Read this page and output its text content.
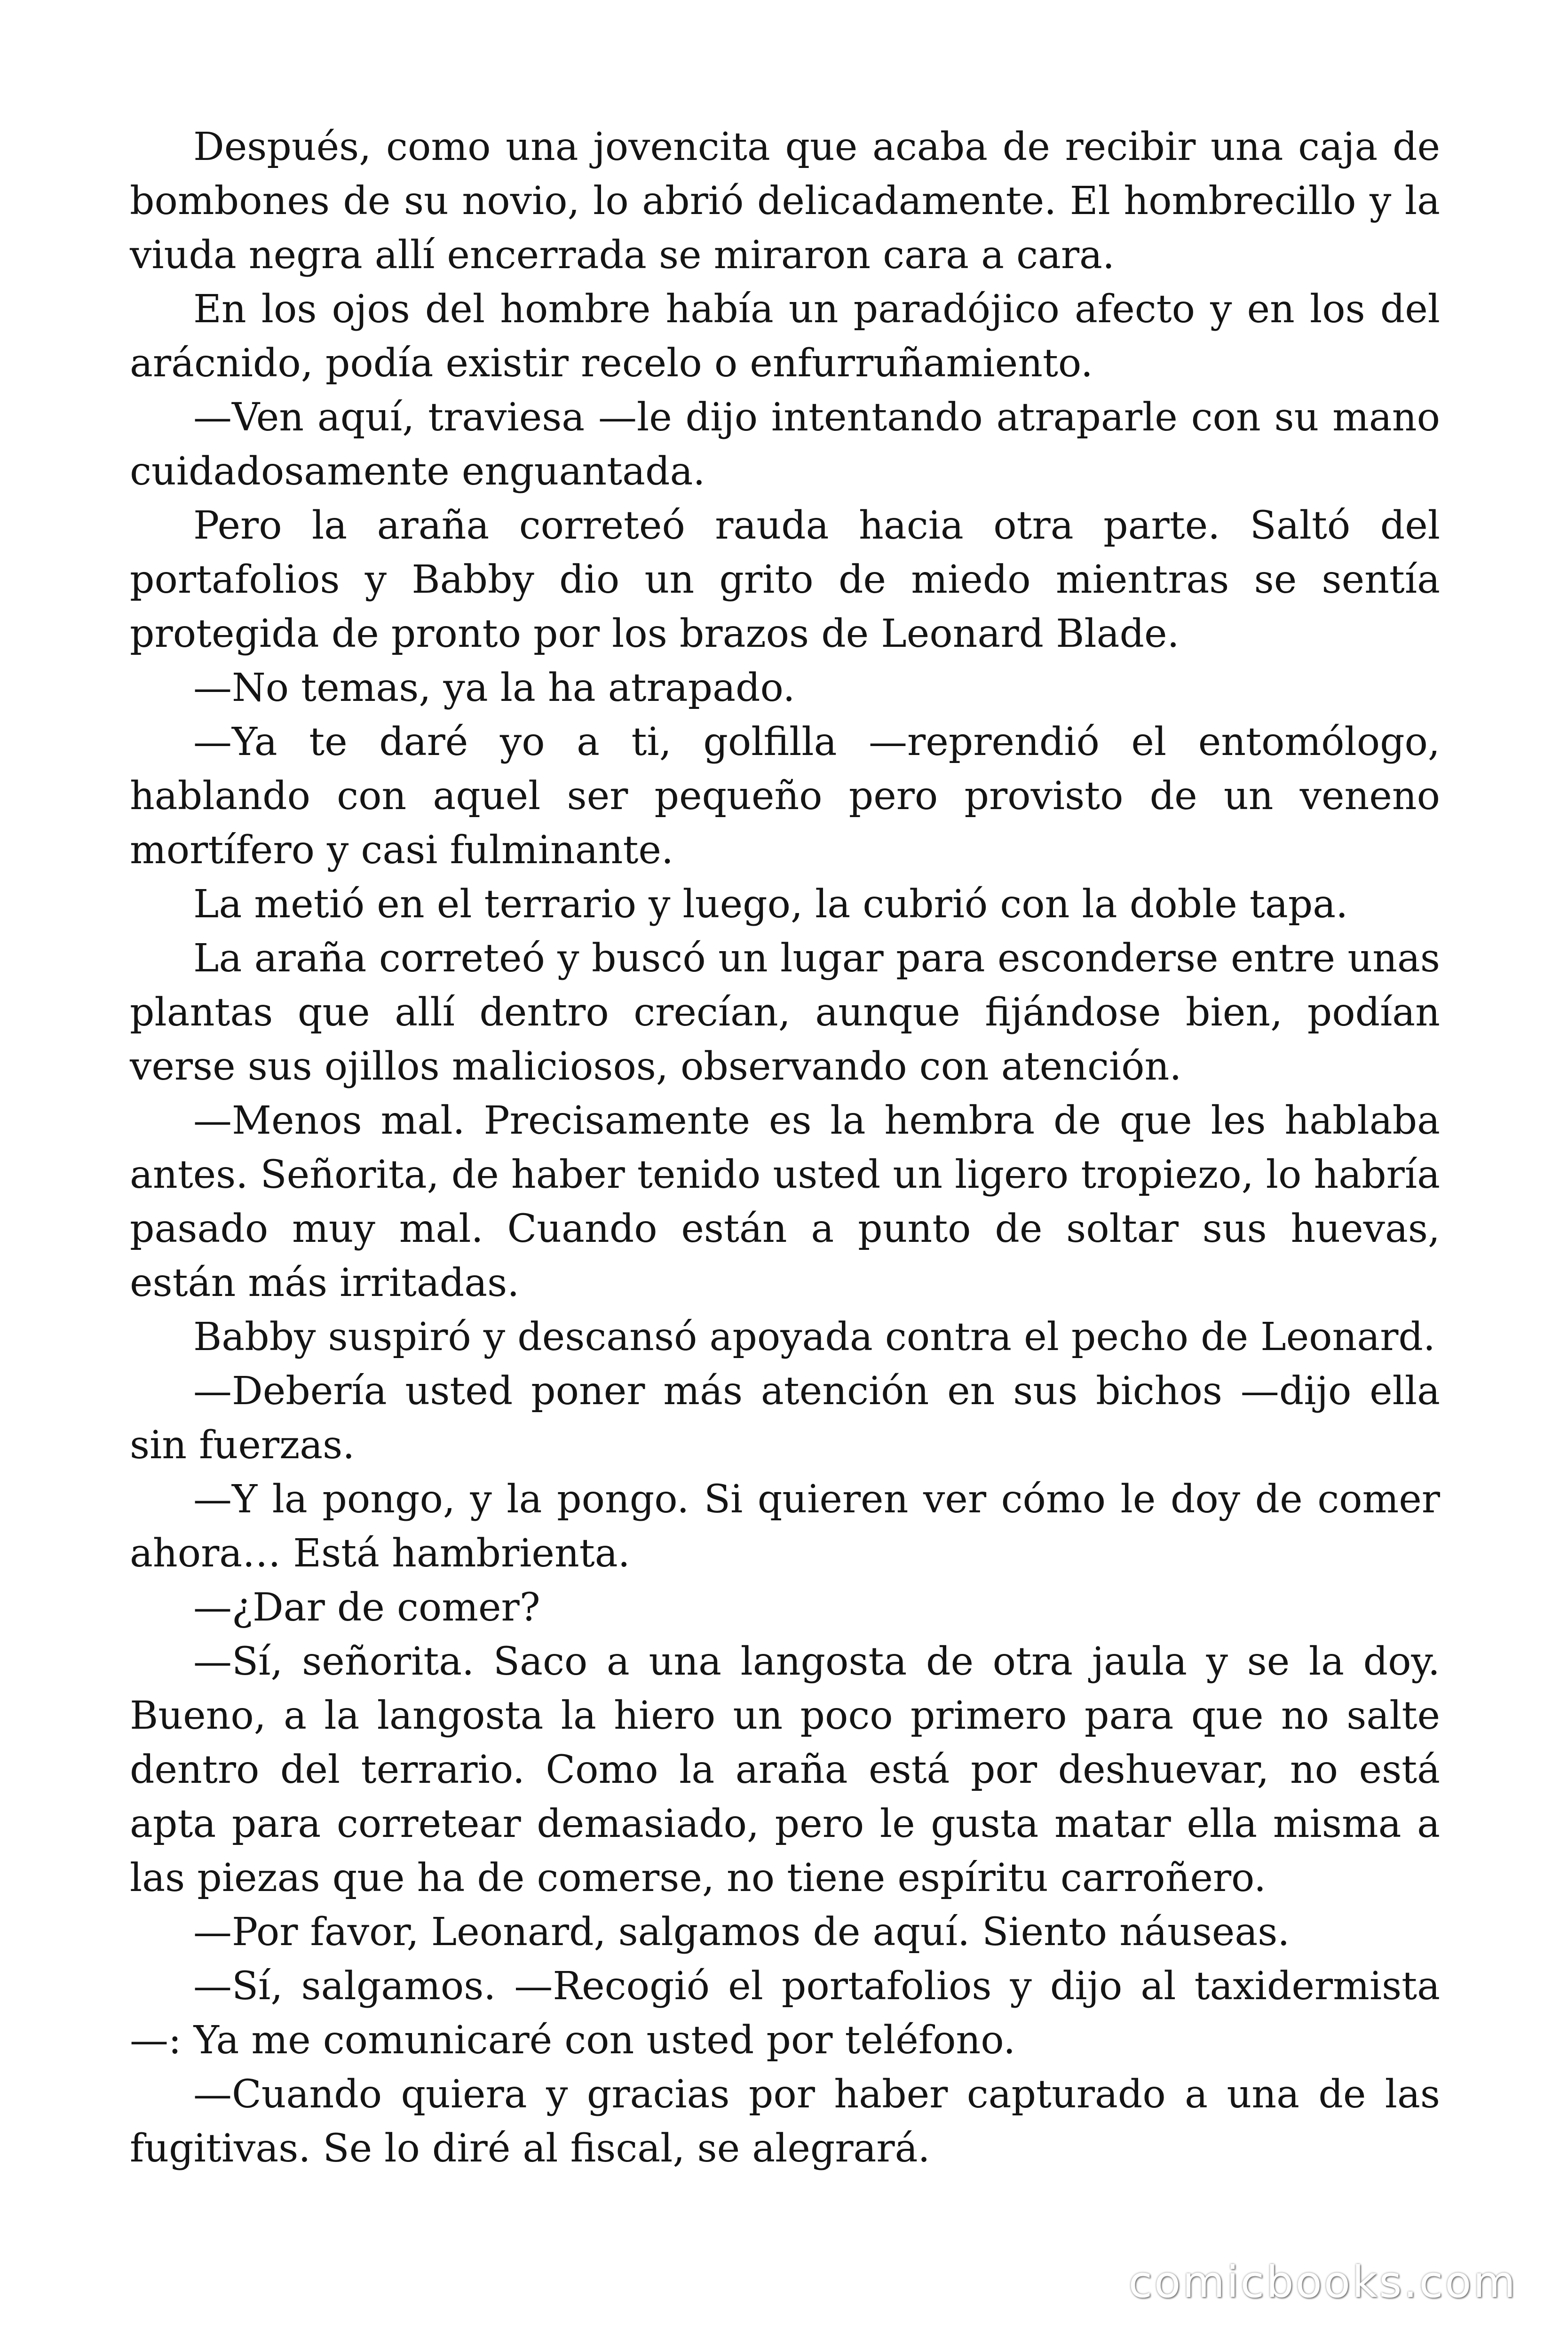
Después, como una jovencita que acaba de recibir una caja de bombones de su novio, lo abrió delicadamente. El hombrecillo y la viuda negra allí encerrada se miraron cara a cara.

En los ojos del hombre había un paradójico afecto y en los del arácnido, podía existir recelo o enfurruñamiento.

—Ven aquí, traviesa —le dijo intentando atraparle con su mano cuidadosamente enguantada.

Pero la araña correteó rauda hacia otra parte. Saltó del portafolios y Babby dio un grito de miedo mientras se sentía protegida de pronto por los brazos de Leonard Blade.

—No temas, ya la ha atrapado.

—Ya te daré yo a ti, golfilla —reprendió el entomólogo, hablando con aquel ser pequeño pero provisto de un veneno mortífero y casi fulminante.

La metió en el terrario y luego, la cubrió con la doble tapa.

La araña correteó y buscó un lugar para esconderse entre unas plantas que allí dentro crecían, aunque fijándose bien, podían verse sus ojillos maliciosos, observando con atención.

—Menos mal. Precisamente es la hembra de que les hablaba antes. Señorita, de haber tenido usted un ligero tropiezo, lo habría pasado muy mal. Cuando están a punto de soltar sus huevas, están más irritadas.

Babby suspiró y descansó apoyada contra el pecho de Leonard.

—Debería usted poner más atención en sus bichos —dijo ella sin fuerzas.

—Y la pongo, y la pongo. Si quieren ver cómo le doy de comer ahora… Está hambrienta.

—¿Dar de comer?

—Sí, señorita. Saco a una langosta de otra jaula y se la doy. Bueno, a la langosta la hiero un poco primero para que no salte dentro del terrario. Como la araña está por deshuevar, no está apta para corretear demasiado, pero le gusta matar ella misma a las piezas que ha de comerse, no tiene espíritu carroñero.

—Por favor, Leonard, salgamos de aquí. Siento náuseas.

—Sí, salgamos. —Recogió el portafolios y dijo al taxidermista—: Ya me comunicaré con usted por teléfono.

—Cuando quiera y gracias por haber capturado a una de las fugitivas. Se lo diré al fiscal, se alegrará.

comicbooks.com
